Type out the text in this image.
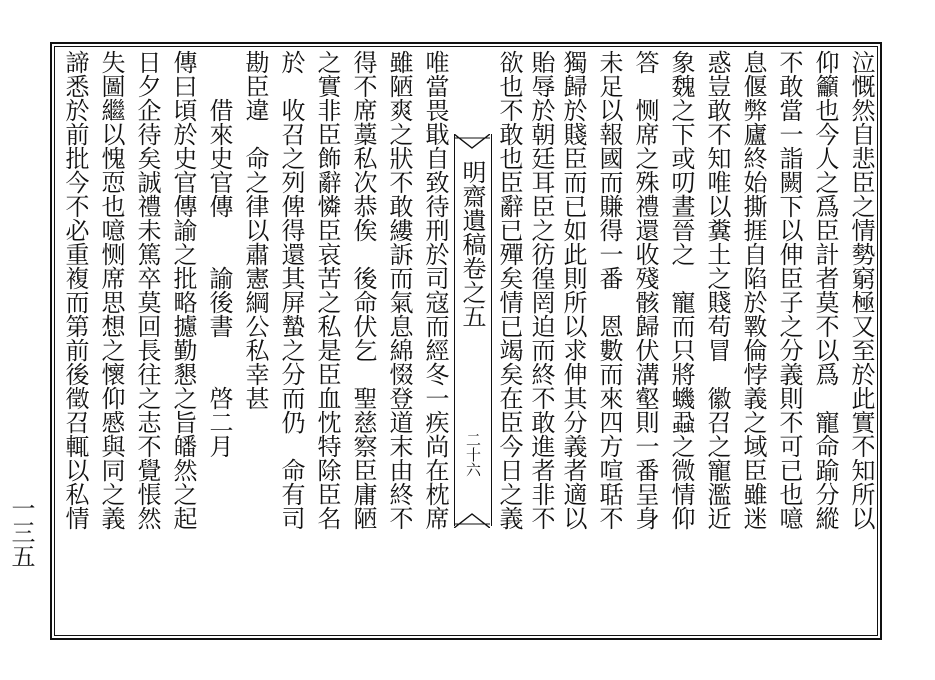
明齋遺稿卷之五
二十六
一三五
泣慨然自悲臣之情勢窮極又至於此實不知所以
仰籲也今人之爲臣計者莫不以爲　寵命踰分縱
不敢當一詣闕下以伸臣子之分義則不可已也噫
息偃弊廬終始撕捱自陷於斁倫悖義之域臣雖迷
惑豈敢不知唯以糞土之賤苟冒　徽召之寵濫近
象魏之下或叨晝晉之　寵而只將蟣蝨之微情仰
答　恻席之殊禮還收殘骸歸伏溝壑則一番呈身
未足以報國而賺得一番　恩數而來四方喧聒不
獨歸於賤臣而已如此則所以求伸其分義者適以
貽辱於朝廷耳臣之彷徨罔迫而終不敢進者非不
欲也不敢也臣辭已殫矣情已竭矣在臣今日之義
唯當畏戢自致待刑於司寇而經冬一疾尚在枕席
雖陋爽之狀不敢縷訴而氣息綿惙登道末由終不
得不席藁私次恭俟　後命伏乞　聖慈察臣庸陋
之實非臣飾辭憐臣哀苦之私是臣血忱特除臣名
於　收召之列俾得還其屏蟄之分而仍　命有司
勘臣違　命之律以肅憲綱公私幸甚
　　借來史官傳　　諭後書　　啓二月
傳曰頃於史官傳諭之批略攄勤懇之旨皤然之起
日夕企待矣誠禮未篤卒莫回長往之志不覺悵然
失圖繼以愧恧也噫恻席思想之懷仰慼與同之義
諦悉於前批今不必重複而第前後徵召輒以私情
